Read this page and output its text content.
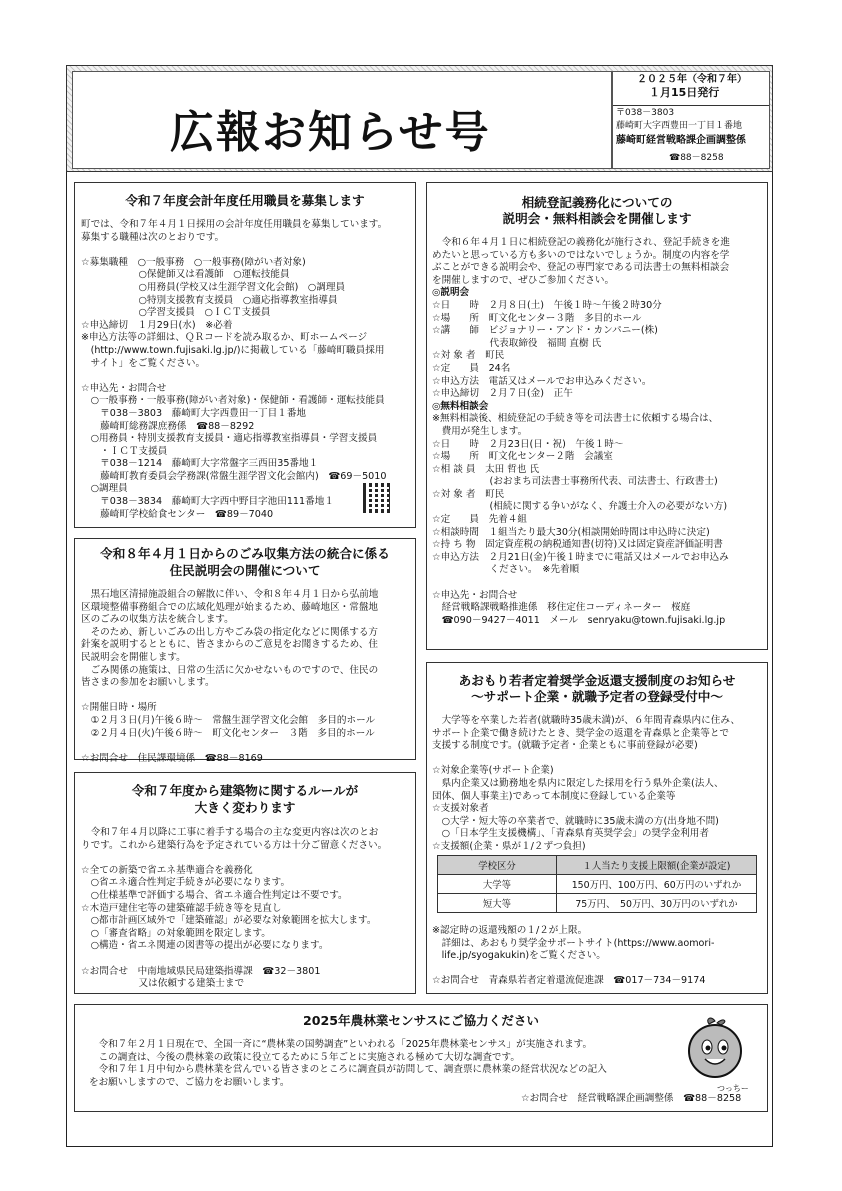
広報お知らせ号
２０２５年（令和７年）
１月15日発行
〒038－3803
藤崎町大字西豊田一丁目１番地
藤崎町経営戦略課企画調整係
☎88－8258
令和７年度会計年度任用職員を募集します
町では、令和７年４月１日採用の会計年度任用職員を募集しています。
募集する職種は次のとおりです。

☆募集職種　○一般事務　○一般事務(障がい者対象)
　　　　　　○保健師又は看護師　○運転技能員
　　　　　　○用務員(学校又は生涯学習文化会館)　○調理員
　　　　　　○特別支援教育支援員　○適応指導教室指導員
　　　　　　○学習支援員　○ＩＣＴ支援員
☆申込締切　１月29日(水)　※必着
※申込方法等の詳細は、ＱＲコードを読み取るか、町ホームページ
　(http://www.town.fujisaki.lg.jp/)に掲載している「藤崎町職員採用
　サイト」をご覧ください。

☆申込先・お問合せ
　○一般事務・一般事務(障がい者対象)・保健師・看護師・運転技能員
　　〒038－3803　藤崎町大字西豊田一丁目１番地
　　藤崎町総務課庶務係　☎88－8292
　○用務員・特別支援教育支援員・適応指導教室指導員・学習支援員
　　・ＩＣＴ支援員
　　〒038－1214　藤崎町大字常盤字三西田35番地１
　　藤崎町教育委員会学務課(常盤生涯学習文化会館内)　☎69－5010
　○調理員
　　〒038－3834　藤崎町大字西中野目字池田111番地１
　　藤崎町学校給食センター　☎89－7040
令和８年４月１日からのごみ収集方法の統合に係る
住民説明会の開催について
　黒石地区清掃施設組合の解散に伴い、令和８年４月１日から弘前地
区環境整備事務組合での広域化処理が始まるため、藤崎地区・常盤地
区のごみの収集方法を統合します。
　そのため、新しいごみの出し方やごみ袋の指定化などに関係する方
針案を説明するとともに、皆さまからのご意見をお聞きするため、住
民説明会を開催します。
　ごみ関係の施策は、日常の生活に欠かせないものですので、住民の
皆さまの参加をお願いします。

☆開催日時・場所
　①２月３日(月)午後６時～　常盤生涯学習文化会館　多目的ホール
　②２月４日(火)午後６時～　町文化センター　３階　多目的ホール

☆お問合せ　住民課環境係　☎88－8169
令和７年度から建築物に関するルールが
大きく変わります
　令和７年４月以降に工事に着手する場合の主な変更内容は次のとお
りです。これから建築行為を予定されている方は十分ご留意ください。

☆全ての新築で省エネ基準適合を義務化
　○省エネ適合性判定手続きが必要になります。
　○仕様基準で評価する場合、省エネ適合性判定は不要です。
☆木造戸建住宅等の建築確認手続き等を見直し
　○都市計画区域外で「建築確認」が必要な対象範囲を拡大します。
　○「審査省略」の対象範囲を限定します。
　○構造・省エネ関連の図書等の提出が必要になります。

☆お問合せ　中南地域県民局建築指導課　☎32－3801
　　　　　　又は依頼する建築士まで
相続登記義務化についての
説明会・無料相談会を開催します
　令和６年４月１日に相続登記の義務化が施行され、登記手続きを進
めたいと思っている方も多いのではないでしょうか。制度の内容を学
ぶことができる説明会や、登記の専門家である司法書士の無料相談会
を開催しますので、ぜひご参加ください。
◎説明会
☆日　　時　２月８日(土)　午後１時～午後２時30分
☆場　　所　町文化センター３階　多目的ホール
☆講　　師　ビジョナリー・アンド・カンパニー(株)
　　　　　　代表取締役　福間 直樹 氏
☆対 象 者　町民
☆定　　員　24名
☆申込方法　電話又はメールでお申込みください。
☆申込締切　２月７日(金)　正午
◎無料相談会
※無料相談後、相続登記の手続き等を司法書士に依頼する場合は、
　費用が発生します。
☆日　　時　２月23日(日・祝)　午後１時～
☆場　　所　町文化センター２階　会議室
☆相 談 員　太田 哲也 氏
　　　　　　(おおまち司法書士事務所代表、司法書士、行政書士)
☆対 象 者　町民
　　　　　　(相続に関する争いがなく、弁護士介入の必要がない方)
☆定　　員　先着４組
☆相談時間　１組当たり最大30分(相談開始時間は申込時に決定)
☆持 ち 物　固定資産税の納税通知書(切符)又は固定資産評価証明書
☆申込方法　２月21日(金)午後１時までに電話又はメールでお申込み
　　　　　　ください。　※先着順

☆申込先・お問合せ
　経営戦略課戦略推進係　移住定住コーディネーター　桜庭
　☎090－9427－4011　メール　senryaku@town.fujisaki.lg.jp
あおもり若者定着奨学金返還支援制度のお知らせ
～サポート企業・就職予定者の登録受付中～
　大学等を卒業した若者(就職時35歳未満)が、６年間青森県内に住み、
サポート企業で働き続けたとき、奨学金の返還を青森県と企業等とで
支援する制度です。(就職予定者・企業ともに事前登録が必要)

☆対象企業等(サポート企業)
　県内企業又は勤務地を県内に限定した採用を行う県外企業(法人、
団体、個人事業主)であって本制度に登録している企業等
☆支援対象者
　○大学・短大等の卒業者で、就職時に35歳未満の方(出身地不問)
　○「日本学生支援機構」、「青森県育英奨学会」の奨学金利用者
☆支援額(企業・県が１/２ずつ負担)
学校区分	１人当たり支援上限額(企業が設定)
大学等	150万円、100万円、60万円のいずれか
短大等	75万円、　50万円、30万円のいずれか
※認定時の返還残額の１/２が上限。
　詳細は、あおもり奨学金サポートサイト(https://www.aomori-
　life.jp/syogakukin)をご覧ください。

☆お問合せ　青森県若者定着還流促進課　☎017－734－9174
2025年農林業センサスにご協力ください
　令和７年２月１日現在で、全国一斉に“農林業の国勢調査”といわれる「2025年農林業センサス」が実施されます。
　この調査は、今後の農林業の政策に役立てるために５年ごとに実施される極めて大切な調査です。
　令和７年１月中旬から農林業を営んでいる皆さまのところに調査員が訪問して、調査票に農林業の経営状況などの記入
をお願いしますので、ご協力をお願いします。
☆お問合せ　経営戦略課企画調整係　☎88－8258
つっちー
